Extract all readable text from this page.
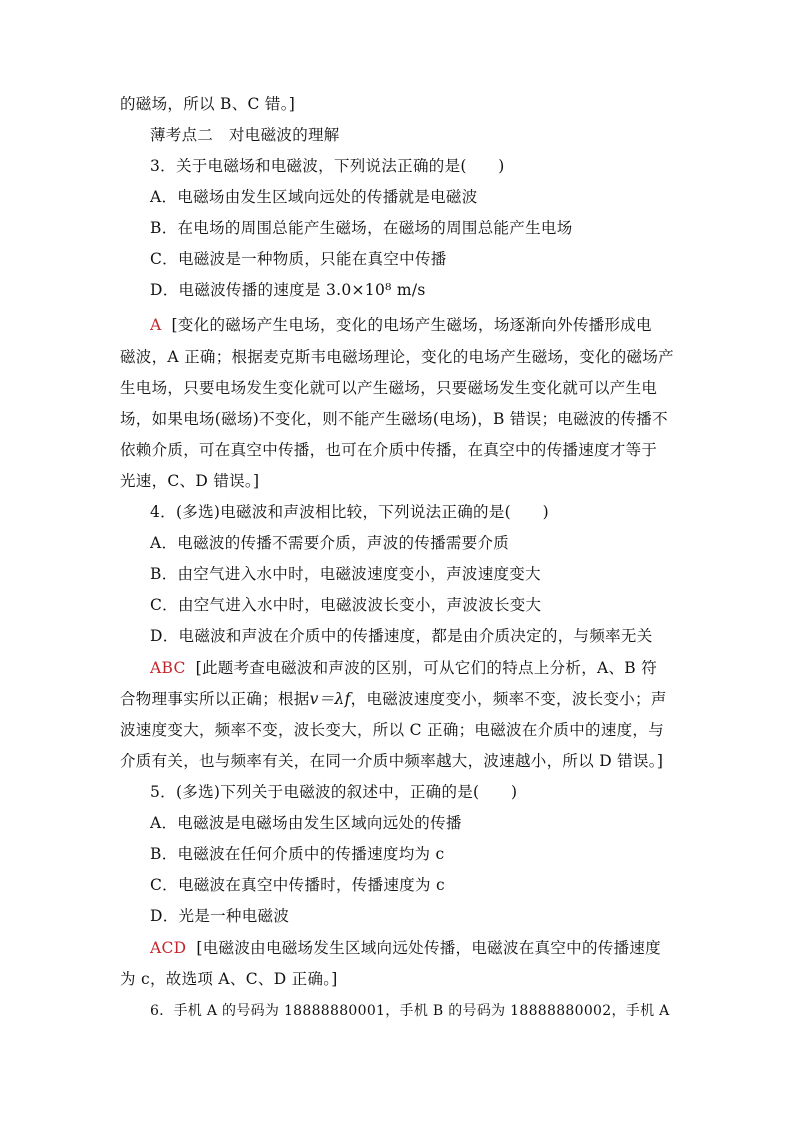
的磁场，所以 B、C 错。]
薄考点二　对电磁波的理解
3．关于电磁场和电磁波，下列说法正确的是(　　)
A．电磁场由发生区域向远处的传播就是电磁波
B．在电场的周围总能产生磁场，在磁场的周围总能产生电场
C．电磁波是一种物质，只能在真空中传播
D．电磁波传播的速度是 3.0×10⁸ m/s
A [变化的磁场产生电场，变化的电场产生磁场，场逐渐向外传播形成电
磁波，A 正确；根据麦克斯韦电磁场理论，变化的电场产生磁场，变化的磁场产
生电场，只要电场发生变化就可以产生磁场，只要磁场发生变化就可以产生电
场，如果电场(磁场)不变化，则不能产生磁场(电场)，B 错误；电磁波的传播不
依赖介质，可在真空中传播，也可在介质中传播，在真空中的传播速度才等于
光速，C、D 错误。]
4．(多选)电磁波和声波相比较，下列说法正确的是(　　)
A．电磁波的传播不需要介质，声波的传播需要介质
B．由空气进入水中时，电磁波速度变小，声波速度变大
C．由空气进入水中时，电磁波波长变小，声波波长变大
D．电磁波和声波在介质中的传播速度，都是由介质决定的，与频率无关
ABC [此题考查电磁波和声波的区别，可从它们的特点上分析，A、B 符
合物理事实所以正确；根据v＝λf，电磁波速度变小，频率不变，波长变小；声
波速度变大，频率不变，波长变大，所以 C 正确；电磁波在介质中的速度，与
介质有关，也与频率有关，在同一介质中频率越大，波速越小，所以 D 错误。]
5．(多选)下列关于电磁波的叙述中，正确的是(　　)
A．电磁波是电磁场由发生区域向远处的传播
B．电磁波在任何介质中的传播速度均为 c
C．电磁波在真空中传播时，传播速度为 c
D．光是一种电磁波
ACD [电磁波由电磁场发生区域向远处传播，电磁波在真空中的传播速度
为 c，故选项 A、C、D 正确。]
6．手机 A 的号码为 18888880001，手机 B 的号码为 18888880002，手机 A
